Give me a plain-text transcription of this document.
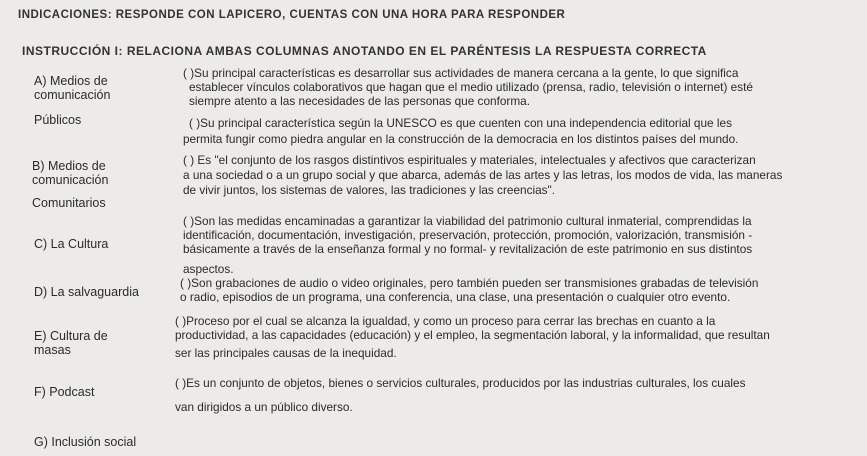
INDICACIONES: RESPONDE CON LAPICERO, CUENTAS CON UNA HORA PARA RESPONDER
INSTRUCCIÓN I: RELACIONA AMBAS COLUMNAS ANOTANDO EN EL PARÉNTESIS LA RESPUESTA CORRECTA
A) Medios de
comunicación
Públicos
B) Medios de
comunicación
Comunitarios
C) La Cultura
D) La salvaguardia
E) Cultura de
masas
F) Podcast
G) Inclusión social
( )Su principal características es desarrollar sus actividades de manera cercana a la gente, lo que significa
establecer vínculos colaborativos que hagan que el medio utilizado (prensa, radio, televisión o internet) esté
siempre atento a las necesidades de las personas que conforma.
( )Su principal característica según la UNESCO es que cuenten con una independencia editorial que les
permita fungir como piedra angular en la construcción de la democracia en los distintos países del mundo.
( ) Es "el conjunto de los rasgos distintivos espirituales y materiales, intelectuales y afectivos que caracterizan
a una sociedad o a un grupo social y que abarca, además de las artes y las letras, los modos de vida, las maneras
de vivir juntos, los sistemas de valores, las tradiciones y las creencias".
( )Son las medidas encaminadas a garantizar la viabilidad del patrimonio cultural inmaterial, comprendidas la
identificación, documentación, investigación, preservación, protección, promoción, valorización, transmisión -
básicamente a través de la enseñanza formal y no formal- y revitalización de este patrimonio en sus distintos
aspectos.
( )Son grabaciones de audio o video originales, pero también pueden ser transmisiones grabadas de televisión
o radio, episodios de un programa, una conferencia, una clase, una presentación o cualquier otro evento.
( )Proceso por el cual se alcanza la igualdad, y como un proceso para cerrar las brechas en cuanto a la
productividad, a las capacidades (educación) y el empleo, la segmentación laboral, y la informalidad, que resultan
ser las principales causas de la inequidad.
( )Es un conjunto de objetos, bienes o servicios culturales, producidos por las industrias culturales, los cuales
van dirigidos a un público diverso.
